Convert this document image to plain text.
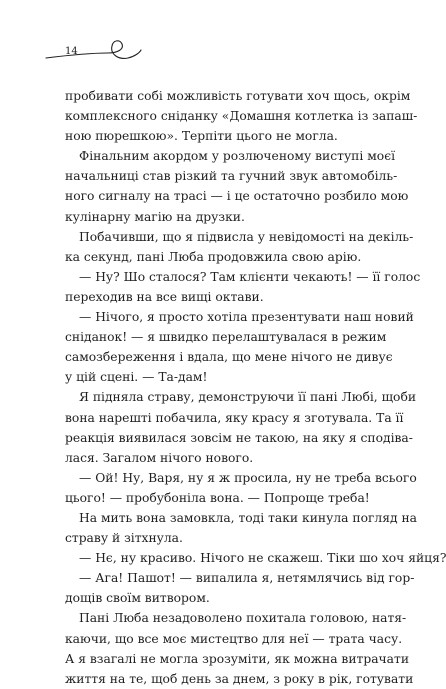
14
пробивати собі можливість готувати хоч щось, окрім
комплексного сніданку «Домашня котлетка із запаш-
ною пюрешкою». Терпіти цього не могла.
Фінальним акордом у розлюченому виступі моєї
начальниці став різкий та гучний звук автомобіль-
ного сигналу на трасі — і це остаточно розбило мою
кулінарну магію на друзки.
Побачивши, що я підвисла у невідомості на декіль-
ка секунд, пані Люба продовжила свою арію.
— Ну? Шо сталося? Там клієнти чекають! — її голос
переходив на все вищі октави.
— Нічого, я просто хотіла презентувати наш новий
сніданок! — я швидко перелаштувалася в режим
самозбереження і вдала, що мене нічого не дивує
у цій сцені. — Та-дам!
Я підняла страву, демонструючи її пані Любі, щоби
вона нарешті побачила, яку красу я зготувала. Та її
реакція виявилася зовсім не такою, на яку я сподіва-
лася. Загалом нічого нового.
— Ой! Ну, Варя, ну я ж просила, ну не треба всього
цього! — пробубоніла вона. — Попроще треба!
На мить вона замовкла, тоді таки кинула погляд на
страву й зітхнула.
— Нє, ну красиво. Нічого не скажеш. Тіки шо хоч яйця?
— Ага! Пашот! — випалила я, нетямлячись від гор-
дощів своїм витвором.
Пані Люба незадоволено похитала головою, натя-
каючи, що все моє мистецтво для неї — трата часу.
А я взагалі не могла зрозуміти, як можна витрачати
життя на те, щоб день за днем, з року в рік, готувати
